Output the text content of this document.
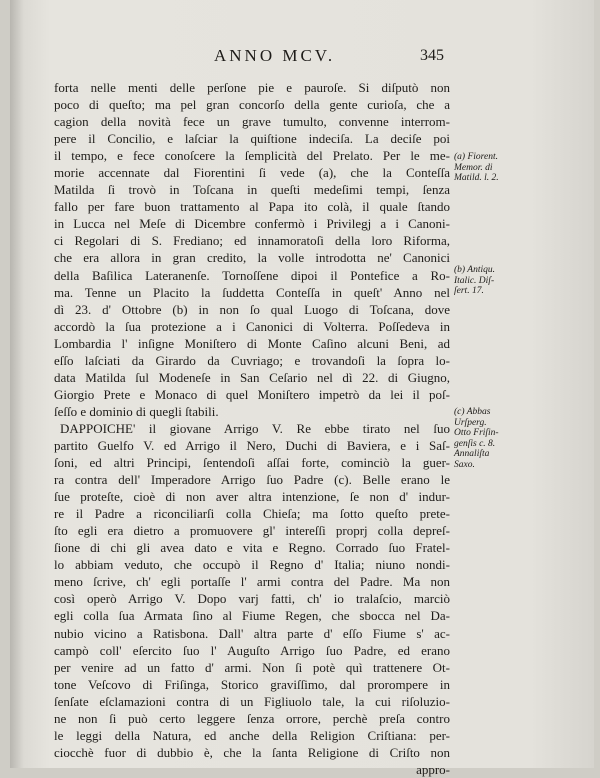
ANNO MCV.	345
forta nelle menti delle perſone pie e pauroſe. Si diſputò non
poco di queſto; ma pel gran concorſo della gente curioſa, che a
cagion della novità fece un grave tumulto, convenne interrom-
pere il Concilio, e laſciar la quiſtione indeciſa. La deciſe poi
il tempo, e fece conoſcere la ſemplicità del Prelato. Per le me-
morie accennate dal Fiorentini ſi vede (a), che la Conteſſa
Matilda ſi trovò in Toſcana in queſti medeſimi tempi, ſenza
fallo per fare buon trattamento al Papa ito colà, il quale ſtando
in Lucca nel Meſe di Dicembre confermò i Privilegj a i Canoni-
ci Regolari di S. Frediano; ed innamoratoſi della loro Riforma,
che era allora in gran credito, la volle introdotta ne' Canonici
della Baſilica Lateranenſe. Tornoſſene dipoi il Pontefice a Ro-
ma. Tenne un Placito la ſuddetta Conteſſa in queſt' Anno nel
dì 23. d' Ottobre (b) in non ſo qual Luogo di Toſcana, dove
accordò la ſua protezione a i Canonici di Volterra. Poſſedeva in
Lombardia l' inſigne Moniſtero di Monte Caſino alcuni Beni, ad
eſſo laſciati da Girardo da Cuvriago; e trovandoſi la ſopra lo-
data Matilda ſul Modeneſe in San Ceſario nel dì 22. di Giugno,
Giorgio Prete e Monaco di quel Moniſtero impetrò da lei il poſ-
ſeſſo e dominio di quegli ſtabili.
DAPPOICHE' il giovane Arrigo V. Re ebbe tirato nel ſuo
partito Guelfo V. ed Arrigo il Nero, Duchi di Baviera, e i Saſ-
ſoni, ed altri Principi, ſentendoſi aſſai forte, cominciò la guer-
ra contra dell' Imperadore Arrigo ſuo Padre (c). Belle erano le
ſue proteſte, cioè di non aver altra intenzione, ſe non d' indur-
re il Padre a riconciliarſi colla Chieſa; ma ſotto queſto prete-
ſto egli era dietro a promuovere gl' intereſſi proprj colla depreſ-
ſione di chi gli avea dato e vita e Regno. Corrado ſuo Fratel-
lo abbiam veduto, che occupò il Regno d' Italia; niuno nondi-
meno ſcrive, ch' egli portaſſe l' armi contra del Padre. Ma non
così operò Arrigo V. Dopo varj fatti, ch' io tralaſcio, marciò
egli colla ſua Armata ſino al Fiume Regen, che sbocca nel Da-
nubio vicino a Ratisbona. Dall' altra parte d' eſſo Fiume s' ac-
campò coll' eſercito ſuo l' Auguſto Arrigo ſuo Padre, ed erano
per venire ad un fatto d' armi. Non ſi potè quì trattenere Ot-
tone Veſcovo di Friſinga, Storico graviſſimo, dal prorompere in
ſenſate eſclamazioni contra di un Figliuolo tale, la cui riſoluzio-
ne non ſi può certo leggere ſenza orrore, perchè preſa contro
le leggi della Natura, ed anche della Religion Criſtiana: per-
ciocchè fuor di dubbio è, che la ſanta Religione di Criſto non
appro-
(a) Fiorent.
Memor. di
Matild. l. 2.
(b) Antiqu.
Italic. Diſ-
ſert. 17.
(c) Abbas
Urſperg.
Otto Friſin-
genſis c. 8.
Annaliſta
Saxo.
